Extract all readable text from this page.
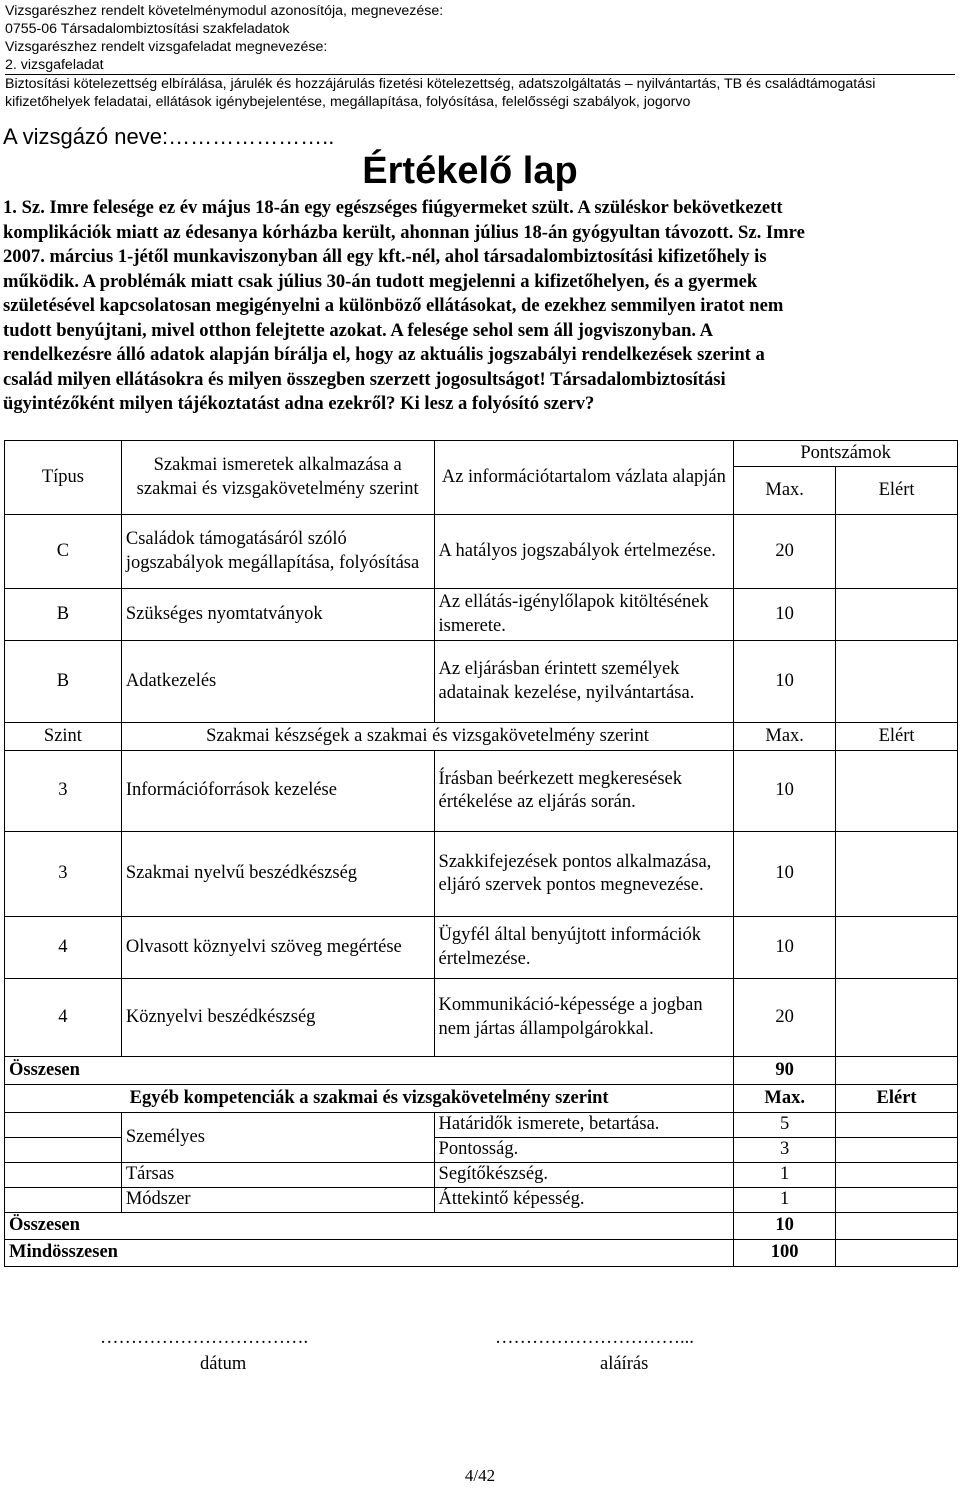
Vizsgarészhez rendelt követelménymodul azonosítója, megnevezése:
0755-06 Társadalombiztosítási szakfeladatok
Vizsgarészhez rendelt vizsgafeladat megnevezése:
2. vizsgafeladat
Biztosítási kötelezettség elbírálása, járulék és hozzájárulás fizetési kötelezettség, adatszolgáltatás – nyilvántartás, TB és családtámogatási
kifizetőhelyek feladatai, ellátások igénybejelentése, megállapítása, folyósítása, felelősségi szabályok, jogorvo
A vizsgázó neve:…………………..
Értékelő lap

1. Sz. Imre felesége ez év május 18-án egy egészséges fiúgyermeket szült. A szüléskor bekövetkezett

komplikációk miatt az édesanya kórházba került, ahonnan július 18-án gyógyultan távozott. Sz. Imre

2007. március 1-jétől munkaviszonyban áll egy kft.-nél, ahol társadalombiztosítási kifizetőhely is

működik. A problémák miatt csak július 30-án tudott megjelenni a kifizetőhelyen, és a gyermek

születésével kapcsolatosan megigényelni a különböző ellátásokat, de ezekhez semmilyen iratot nem

tudott benyújtani, mivel otthon felejtette azokat. A felesége sehol sem áll jogviszonyban. A

rendelkezésre álló adatok alapján bírálja el, hogy az aktuális jogszabályi rendelkezések szerint a

család milyen ellátásokra és milyen összegben szerzett jogosultságot! Társadalombiztosítási

ügyintézőként milyen tájékoztatást adna ezekről? Ki lesz a folyósító szerv?

Típus	Szakmai ismeretek alkalmazása a szakmai és vizsgakövetelmény szerint	Az információtartalom vázlata alapján	Pontszámok	
			Max.	Elért
C	Családok támogatásáról szóló jogszabályok megállapítása, folyósítása	A hatályos jogszabályok értelmezése.	20	
B	Szükséges nyomtatványok	Az ellátás-igénylőlapok kitöltésének ismerete.	10	
B	Adatkezelés	Az eljárásban érintett személyek adatainak kezelése, nyilvántartása.	10	
Szint	Szakmai készségek a szakmai és vizsgakövetelmény szerint		Max.	Elért
3	Információforrások kezelése	Írásban beérkezett megkeresések értékelése az eljárás során.	10	
3	Szakmai nyelvű beszédkészség	Szakkifejezések pontos alkalmazása, eljáró szervek pontos megnevezése.	10	
4	Olvasott köznyelvi szöveg megértése	Ügyfél által benyújtott információk értelmezése.	10	
4	Köznyelvi beszédkészség	Kommunikáció-képessége a jogban nem jártas állampolgárokkal.	20	
Összesen			90	
Egyéb kompetenciák a szakmai és vizsgakövetelmény szerint			Max.	Elért
	Személyes	Határidők ismerete, betartása.	5	
		Pontosság.	3	
	Társas	Segítőkészség.	1	
	Módszer	Áttekintő képesség.	1	
Összesen			10	
Mindösszesen			100	
…………………………….
dátum
…………………………...
aláírás
4/42
